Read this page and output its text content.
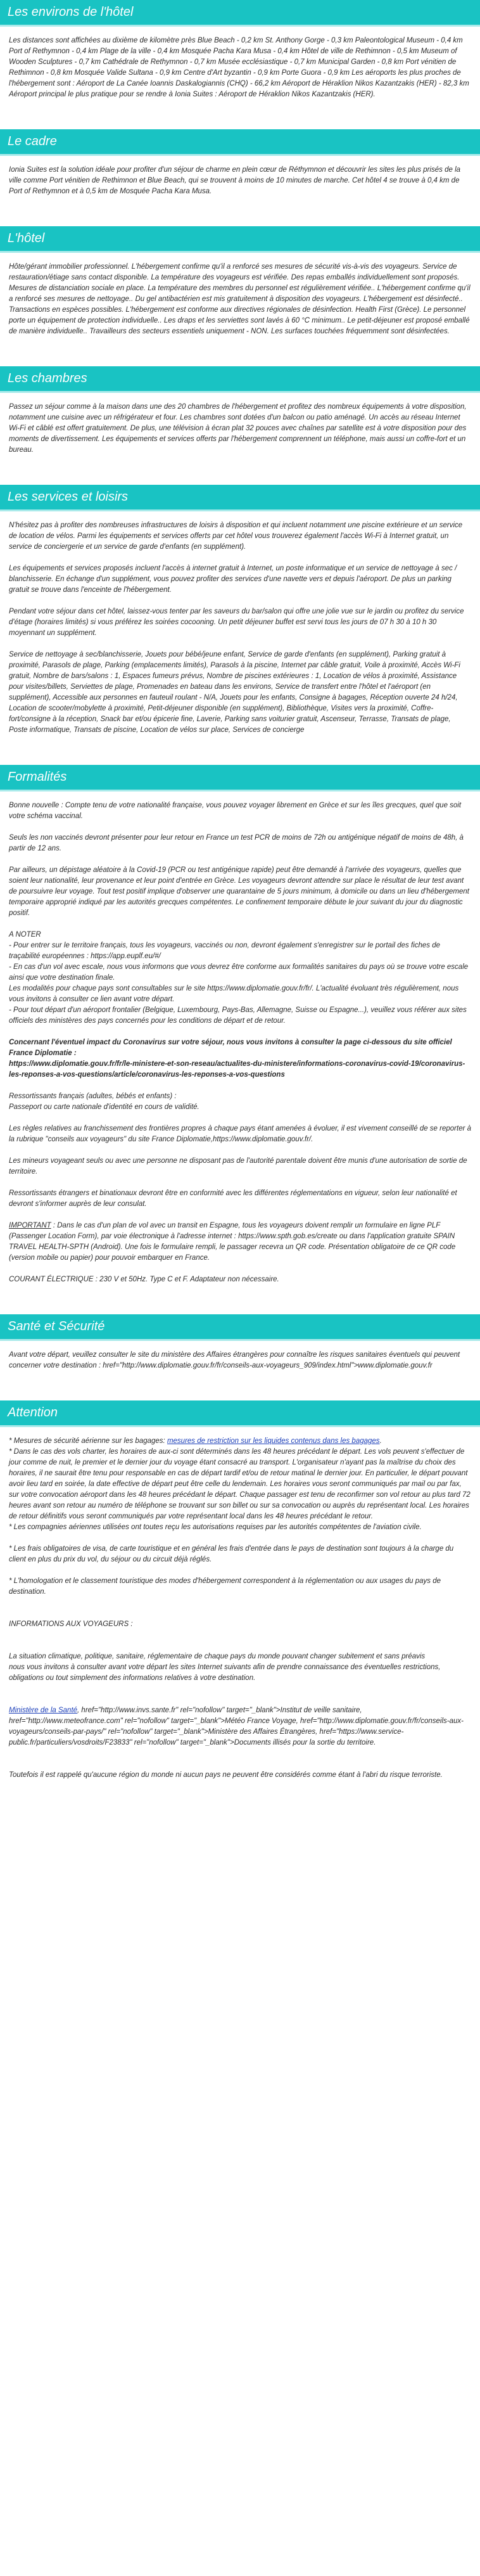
Les environs de l'hôtel

Les distances sont affichées au dixième de kilomètre près Blue Beach - 0,2 km St. Anthony Gorge - 0,3 km Paleontological Museum - 0,4 km Port of Rethymnon - 0,4 km Plage de la ville - 0,4 km Mosquée Pacha Kara Musa - 0,4 km Hôtel de ville de Rethimnon - 0,5 km Museum of Wooden Sculptures - 0,7 km Cathédrale de Rethymnon - 0,7 km Musée ecclésiastique - 0,7 km Municipal Garden - 0,8 km Port vénitien de Rethimnon - 0,8 km Mosquée Valide Sultana - 0,9 km Centre d'Art byzantin - 0,9 km Porte Guora - 0,9 km Les aéroports les plus proches de l'hébergement sont : Aéroport de La Canée Ioannis Daskalogiannis (CHQ) - 66,2 km Aéroport de Héraklion Nikos Kazantzakis (HER) - 82,3 km Aéroport principal le plus pratique pour se rendre à Ionia Suites : Aéroport de Héraklion Nikos Kazantzakis (HER).

Le cadre

Ionia Suites est la solution idéale pour profiter d'un séjour de charme en plein cœur de Réthymnon et découvrir les sites les plus prisés de la ville comme Port vénitien de Rethimnon et Blue Beach, qui se trouvent à moins de 10 minutes de marche. Cet hôtel 4 se trouve à 0,4 km de Port of Rethymnon et à 0,5 km de Mosquée Pacha Kara Musa.

L'hôtel

Hôte/gérant immobilier professionnel. L'hébergement confirme qu'il a renforcé ses mesures de sécurité vis-à-vis des voyageurs. Service de restauration/étiage sans contact disponible. La température des voyageurs est vérifiée. Des repas emballés individuellement sont proposés. Mesures de distanciation sociale en place. La température des membres du personnel est régulièrement vérifiée.. L'hébergement confirme qu'il a renforcé ses mesures de nettoyage.. Du gel antibactérien est mis gratuitement à disposition des voyageurs. L'hébergement est désinfecté.. Transactions en espèces possibles. L'hébergement est conforme aux directives régionales de désinfection. Health First (Grèce). Le personnel porte un équipement de protection individuelle.. Les draps et les serviettes sont lavés à 60 °C minimum.. Le petit-déjeuner est proposé emballé de manière individuelle.. Travailleurs des secteurs essentiels uniquement - NON. Les surfaces touchées fréquemment sont désinfectées.

Les chambres

Passez un séjour comme à la maison dans une des 20 chambres de l'hébergement et profitez des nombreux équipements à votre disposition, notamment une cuisine avec un réfrigérateur et four. Les chambres sont dotées d'un balcon ou patio aménagé. Un accès au réseau Internet Wi-Fi et câblé est offert gratuitement. De plus, une télévision à écran plat 32 pouces avec chaînes par satellite est à votre disposition pour des moments de divertissement. Les équipements et services offerts par l'hébergement comprennent un téléphone, mais aussi un coffre-fort et un bureau.

Les services et loisirs

N'hésitez pas à profiter des nombreuses infrastructures de loisirs à disposition et qui incluent notamment une piscine extérieure et un service de location de vélos. Parmi les équipements et services offerts par cet hôtel vous trouverez également l'accès Wi-Fi à Internet gratuit, un service de conciergerie et un service de garde d'enfants (en supplément).

Les équipements et services proposés incluent l'accès à internet gratuit à Internet, un poste informatique et un service de nettoyage à sec / blanchisserie. En échange d'un supplément, vous pouvez profiter des services d'une navette vers et depuis l'aéroport. De plus un parking gratuit se trouve dans l'enceinte de l'hébergement.

Pendant votre séjour dans cet hôtel, laissez-vous tenter par les saveurs du bar/salon qui offre une jolie vue sur le jardin ou profitez du service d'étage (horaires limités) si vous préférez les soirées cocooning. Un petit déjeuner buffet est servi tous les jours de 07 h 30 à 10 h 30 moyennant un supplément.

Service de nettoyage à sec/blanchisserie, Jouets pour bébé/jeune enfant, Service de garde d'enfants (en supplément), Parking gratuit à proximité, Parasols de plage, Parking (emplacements limités), Parasols à la piscine, Internet par câble gratuit, Voile à proximité, Accès Wi-Fi gratuit, Nombre de bars/salons : 1, Espaces fumeurs prévus, Nombre de piscines extérieures : 1, Location de vélos à proximité, Assistance pour visites/billets, Serviettes de plage, Promenades en bateau dans les environs, Service de transfert entre l'hôtel et l'aéroport (en supplément), Accessible aux personnes en fauteuil roulant - N/A, Jouets pour les enfants, Consigne à bagages, Réception ouverte 24 h/24, Location de scooter/mobylette à proximité, Petit-déjeuner disponible (en supplément), Bibliothèque, Visites vers la proximité, Coffre-fort/consigne à la réception, Snack bar et/ou épicerie fine, Laverie, Parking sans voiturier gratuit, Ascenseur, Terrasse, Transats de plage, Poste informatique, Transats de piscine, Location de vélos sur place, Services de concierge

Formalités

Bonne nouvelle : Compte tenu de votre nationalité française, vous pouvez voyager librement en Grèce et sur les îles grecques, quel que soit votre schéma vaccinal.

Seuls les non vaccinés devront présenter pour leur retour en France un test PCR de moins de 72h ou antigénique négatif de moins de 48h, à partir de 12 ans.

Par ailleurs, un dépistage aléatoire à la Covid-19 (PCR ou test antigénique rapide) peut être demandé à l'arrivée des voyageurs, quelles que soient leur nationalité, leur provenance et leur point d'entrée en Grèce. Les voyageurs devront attendre sur place le résultat de leur test avant de poursuivre leur voyage. Tout test positif implique d'observer une quarantaine de 5 jours minimum, à domicile ou dans un lieu d'hébergement temporaire approprié indiqué par les autorités grecques compétentes. Le confinement temporaire débute le jour suivant du jour du diagnostic positif.

A NOTER
- Pour entrer sur le territoire français, tous les voyageurs, vaccinés ou non, devront également s'enregistrer sur le portail des fiches de traçabilité européennes : https://app.euplf.eu/#/
- En cas d'un vol avec escale, nous vous informons que vous devrez être conforme aux formalités sanitaires du pays où se trouve votre escale ainsi que votre destination finale.
Les modalités pour chaque pays sont consultables sur le site https://www.diplomatie.gouv.fr/fr/. L'actualité évoluant très régulièrement, nous vous invitons à consulter ce lien avant votre départ.
- Pour tout départ d'un aéroport frontalier (Belgique, Luxembourg, Pays-Bas, Allemagne, Suisse ou Espagne...), veuillez vous référer aux sites officiels des ministères des pays concernés pour les conditions de départ et de retour.

Concernant l'éventuel impact du Coronavirus sur votre séjour, nous vous invitons à consulter la page ci-dessous du site officiel France Diplomatie :
https://www.diplomatie.gouv.fr/fr/le-ministere-et-son-reseau/actualites-du-ministere/informations-coronavirus-covid-19/coronavirus-les-reponses-a-vos-questions/article/coronavirus-les-reponses-a-vos-questions

Ressortissants français (adultes, bébés et enfants) :
Passeport ou carte nationale d'identité en cours de validité.

Les règles relatives au franchissement des frontières propres à chaque pays étant amenées à évoluer, il est vivement conseillé de se reporter à la rubrique "conseils aux voyageurs" du site France Diplomatie,https://www.diplomatie.gouv.fr/.

Les mineurs voyageant seuls ou avec une personne ne disposant pas de l'autorité parentale doivent être munis d'une autorisation de sortie de territoire.

Ressortissants étrangers et binationaux devront être en conformité avec les différentes réglementations en vigueur, selon leur nationalité et devront s'informer auprès de leur consulat.

IMPORTANT : Dans le cas d'un plan de vol avec un transit en Espagne, tous les voyageurs doivent remplir un formulaire en ligne PLF (Passenger Location Form), par voie électronique à l'adresse internet : https://www.spth.gob.es/create ou dans l'application gratuite SPAIN TRAVEL HEALTH-SPTH (Android). Une fois le formulaire rempli, le passager recevra un QR code. Présentation obligatoire de ce QR code (version mobile ou papier) pour pouvoir embarquer en France.

COURANT ÉLECTRIQUE : 230 V et 50Hz. Type C et F. Adaptateur non nécessaire.

Santé et Sécurité

Avant votre départ, veuillez consulter le site du ministère des Affaires étrangères pour connaître les risques sanitaires éventuels qui peuvent concerner votre destination : href="http://www.diplomatie.gouv.fr/fr/conseils-aux-voyageurs_909/index.html">www.diplomatie.gouv.fr

Attention

* Mesures de sécurité aérienne sur les bagages: mesures de restriction sur les liquides contenus dans les bagages.
* Dans le cas des vols charter, les horaires de aux-ci sont déterminés dans les 48 heures précédant le départ. Les vols peuvent s'effectuer de jour comme de nuit, le premier et le dernier jour du voyage étant consacré au transport. L'organisateur n'ayant pas la maîtrise du choix des horaires, il ne saurait être tenu pour responsable en cas de départ tardif et/ou de retour matinal le dernier jour. En particulier, le départ pouvant avoir lieu tard en soirée, la date effective de départ peut être celle du lendemain. Les horaires vous seront communiqués par mail ou par fax, sur votre convocation aéroport dans les 48 heures précédant le départ. Chaque passager est tenu de reconfirmer son vol retour au plus tard 72 heures avant son retour au numéro de téléphone se trouvant sur son billet ou sur sa convocation ou auprès du représentant local. Les horaires de retour définitifs vous seront communiqués par votre représentant local dans les 48 heures précédant le retour.
* Les compagnies aériennes utilisées ont toutes reçu les autorisations requises par les autorités compétentes de l'aviation civile.

* Les frais obligatoires de visa, de carte touristique et en général les frais d'entrée dans le pays de destination sont toujours à la charge du client en plus du prix du vol, du séjour ou du circuit déjà réglés.

* L'homologation et le classement touristique des modes d'hébergement correspondent à la réglementation ou aux usages du pays de destination.

INFORMATIONS AUX VOYAGEURS :

La situation climatique, politique, sanitaire, réglementaire de chaque pays du monde pouvant changer subitement et sans préavis
nous vous invitons à consulter avant votre départ les sites Internet suivants afin de prendre connaissance des éventuelles restrictions, obligations ou tout simplement des informations relatives à votre destination.

Ministère de la Santé, href="http://www.invs.sante.fr" rel="nofollow" target="_blank">Institut de veille sanitaire, href="http://www.meteofrance.com" rel="nofollow" target="_blank">Météo France Voyage, href="http://www.diplomatie.gouv.fr/fr/conseils-aux-voyageurs/conseils-par-pays/" rel="nofollow" target="_blank">Ministère des Affaires Étrangères, href="https://www.service-public.fr/particuliers/vosdroits/F23833" rel="nofollow" target="_blank">Documents illisés pour la sortie du territoire.

Toutefois il est rappelé qu'aucune région du monde ni aucun pays ne peuvent être considérés comme étant à l'abri du risque terroriste.
